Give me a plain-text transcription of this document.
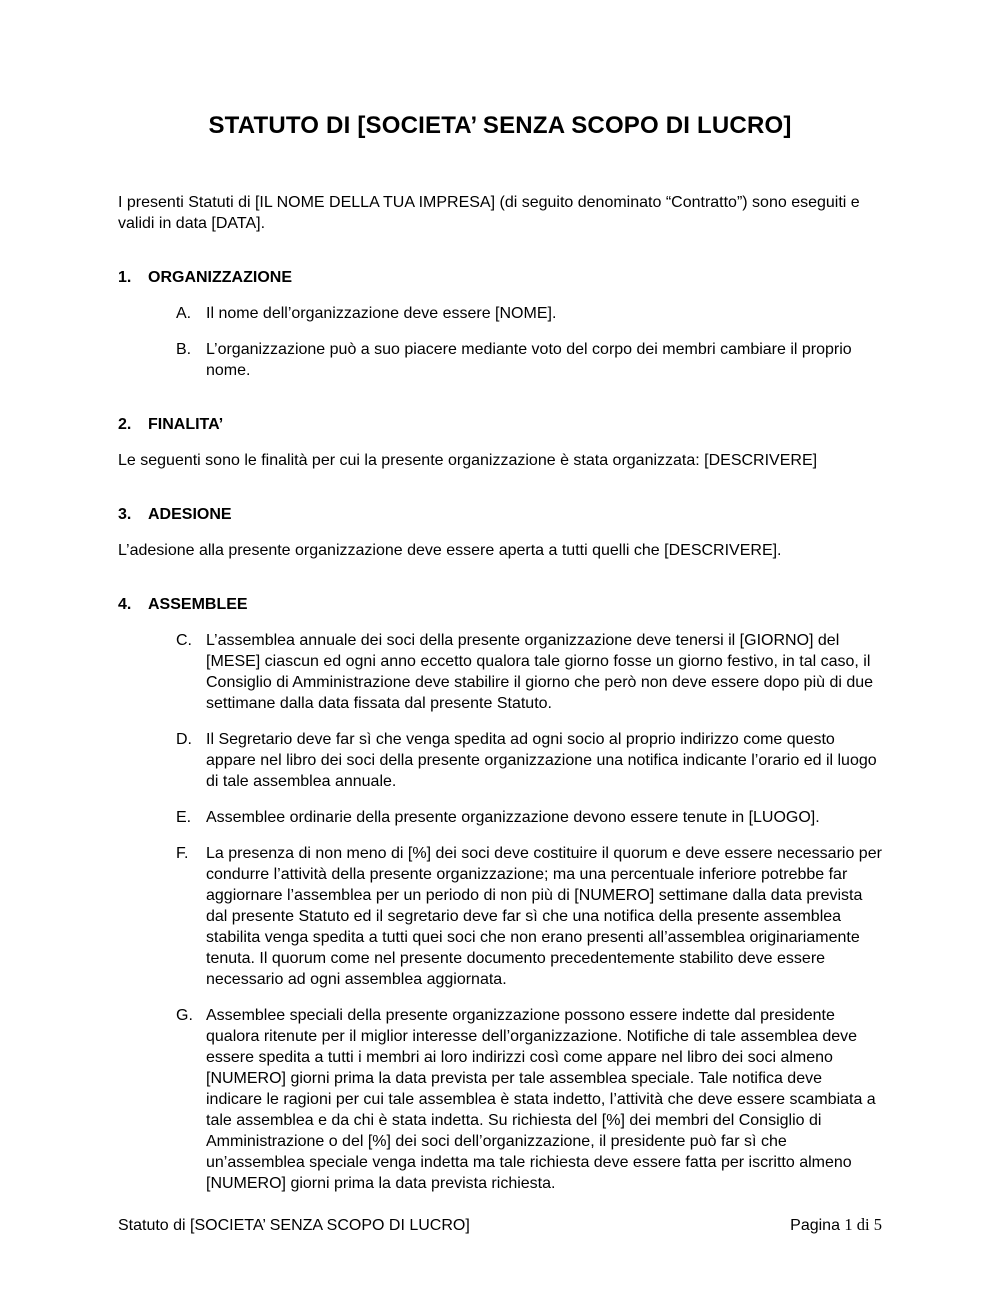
STATUTO DI [SOCIETA’ SENZA SCOPO DI LUCRO]

I presenti Statuti di [IL NOME DELLA TUA IMPRESA] (di seguito denominato “Contratto”) sono eseguiti e validi in data [DATA].

1.	ORGANIZZAZIONE
A. Il nome dell’organizzazione deve essere [NOME].
B. L’organizzazione può a suo piacere mediante voto del corpo dei membri cambiare il proprio nome.
2.	FINALITA’

Le seguenti sono le finalità per cui la presente organizzazione è stata organizzata: [DESCRIVERE]

3.	ADESIONE

L’adesione alla presente organizzazione deve essere aperta a tutti quelli che [DESCRIVERE].

4.	ASSEMBLEE
C. L’assemblea annuale dei soci della presente organizzazione deve tenersi il [GIORNO] del [MESE] ciascun ed ogni anno eccetto qualora tale giorno fosse un giorno festivo, in tal caso, il Consiglio di Amministrazione deve stabilire il giorno che però non deve essere dopo più di due settimane dalla data fissata dal presente Statuto.
D. Il Segretario deve far sì che venga spedita ad ogni socio al proprio indirizzo come questo appare nel libro dei soci della presente organizzazione una notifica indicante l’orario ed il luogo di tale assemblea annuale.
E. Assemblee ordinarie della presente organizzazione devono essere tenute in [LUOGO].
F.	La presenza di non meno di [%] dei soci deve costituire il quorum e deve essere necessario per condurre l’attività della presente organizzazione; ma una percentuale inferiore potrebbe far aggiornare l’assemblea per un periodo di non più di [NUMERO] settimane dalla data prevista dal presente Statuto ed il segretario deve far sì che una notifica della presente assemblea stabilita venga spedita a tutti quei soci che non erano presenti all’assemblea originariamente tenuta. Il quorum come nel presente documento precedentemente stabilito deve essere necessario ad ogni assemblea aggiornata.
G. Assemblee speciali della presente organizzazione possono essere indette dal presidente qualora ritenute per il miglior interesse dell’organizzazione. Notifiche di tale assemblea deve essere spedita a tutti i membri ai loro indirizzi così come appare nel libro dei soci almeno [NUMERO] giorni prima la data prevista per tale assemblea speciale. Tale notifica deve indicare le ragioni per cui tale assemblea è stata indetto, l’attività che deve essere scambiata a tale assemblea e da chi è stata indetta. Su richiesta del [%] dei membri del Consiglio di Amministrazione o del [%] dei soci dell’organizzazione, il presidente può far sì che un’assemblea speciale venga indetta ma tale richiesta deve essere fatta per iscritto almeno [NUMERO] giorni prima la data prevista richiesta.
Statuto di [SOCIETA’ SENZA SCOPO DI LUCRO]	Pagina 1 di 5
